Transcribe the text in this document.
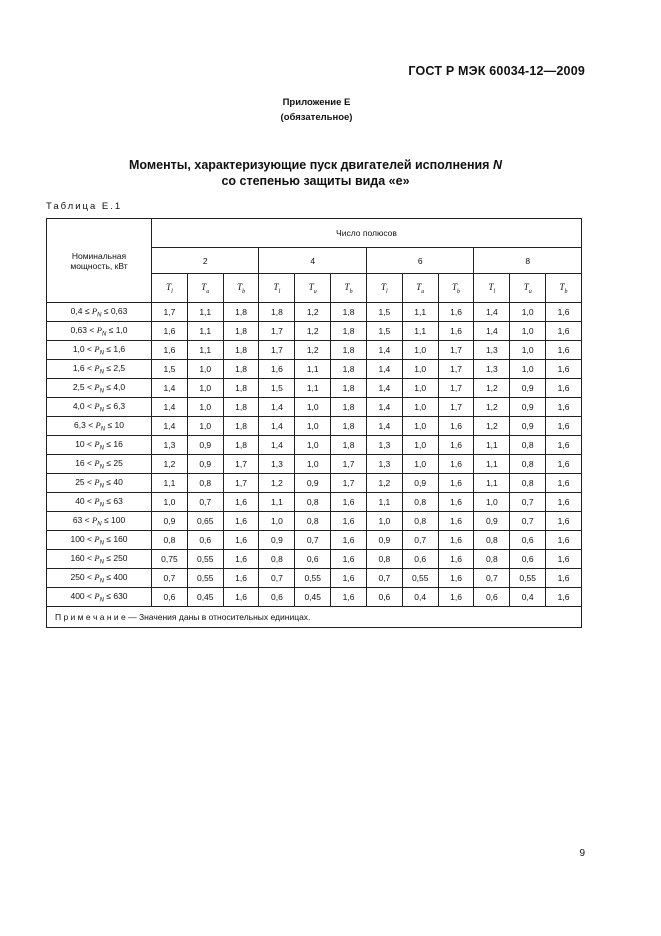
ГОСТ Р МЭК 60034-12—2009
Приложение Е
(обязательное)
Моменты, характеризующие пуск двигателей исполнения N
со степенью защиты вида «е»
Таблица Е.1
Номинальная
мощность, кВт	Число полюсов											
	2			4			6			8		
	$T_l$	$T_u$	$T_b$	$T_l$	$T_u$	$T_b$	$T_l$	$T_u$	$T_b$	$T_l$	$T_u$	$T_b$
$0,4 \le P_N \le 0,63$	1,7	1,1	1,8	1,8	1,2	1,8	1,5	1,1	1,6	1,4	1,0	1,6
$0,63 < P_N \le 1,0$	1,6	1,1	1,8	1,7	1,2	1,8	1,5	1,1	1,6	1,4	1,0	1,6
$1,0 < P_N \le 1,6$	1,6	1,1	1,8	1,7	1,2	1,8	1,4	1,0	1,7	1,3	1,0	1,6
$1,6 < P_N \le 2,5$	1,5	1,0	1,8	1,6	1,1	1,8	1,4	1,0	1,7	1,3	1,0	1,6
$2,5 < P_N \le 4,0$	1,4	1,0	1,8	1,5	1,1	1,8	1,4	1,0	1,7	1,2	0,9	1,6
$4,0 < P_N \le 6,3$	1,4	1,0	1,8	1,4	1,0	1,8	1,4	1,0	1,7	1,2	0,9	1,6
$6,3 < P_N \le 10$	1,4	1,0	1,8	1,4	1,0	1,8	1,4	1,0	1,6	1,2	0,9	1,6
$10 < P_N \le 16$	1,3	0,9	1,8	1,4	1,0	1,8	1,3	1,0	1,6	1,1	0,8	1,6
$16 < P_N \le 25$	1,2	0,9	1,7	1,3	1,0	1,7	1,3	1,0	1,6	1,1	0,8	1,6
$25 < P_N \le 40$	1,1	0,8	1,7	1,2	0,9	1,7	1,2	0,9	1,6	1,1	0,8	1,6
$40 < P_N \le 63$	1,0	0,7	1,6	1,1	0,8	1,6	1,1	0,8	1,6	1,0	0,7	1,6
$63 < P_N \le 100$	0,9	0,65	1,6	1,0	0,8	1,6	1,0	0,8	1,6	0,9	0,7	1,6
$100 < P_N \le 160$	0,8	0,6	1,6	0,9	0,7	1,6	0,9	0,7	1,6	0,8	0,6	1,6
$160 < P_N \le 250$	0,75	0,55	1,6	0,8	0,6	1,6	0,8	0,6	1,6	0,8	0,6	1,6
$250 < P_N \le 400$	0,7	0,55	1,6	0,7	0,55	1,6	0,7	0,55	1,6	0,7	0,55	1,6
$400 < P_N \le 630$	0,6	0,45	1,6	0,6	0,45	1,6	0,6	0,4	1,6	0,6	0,4	1,6
П р и м е ч а н и е — Значения даны в относительных единицах.												
9
